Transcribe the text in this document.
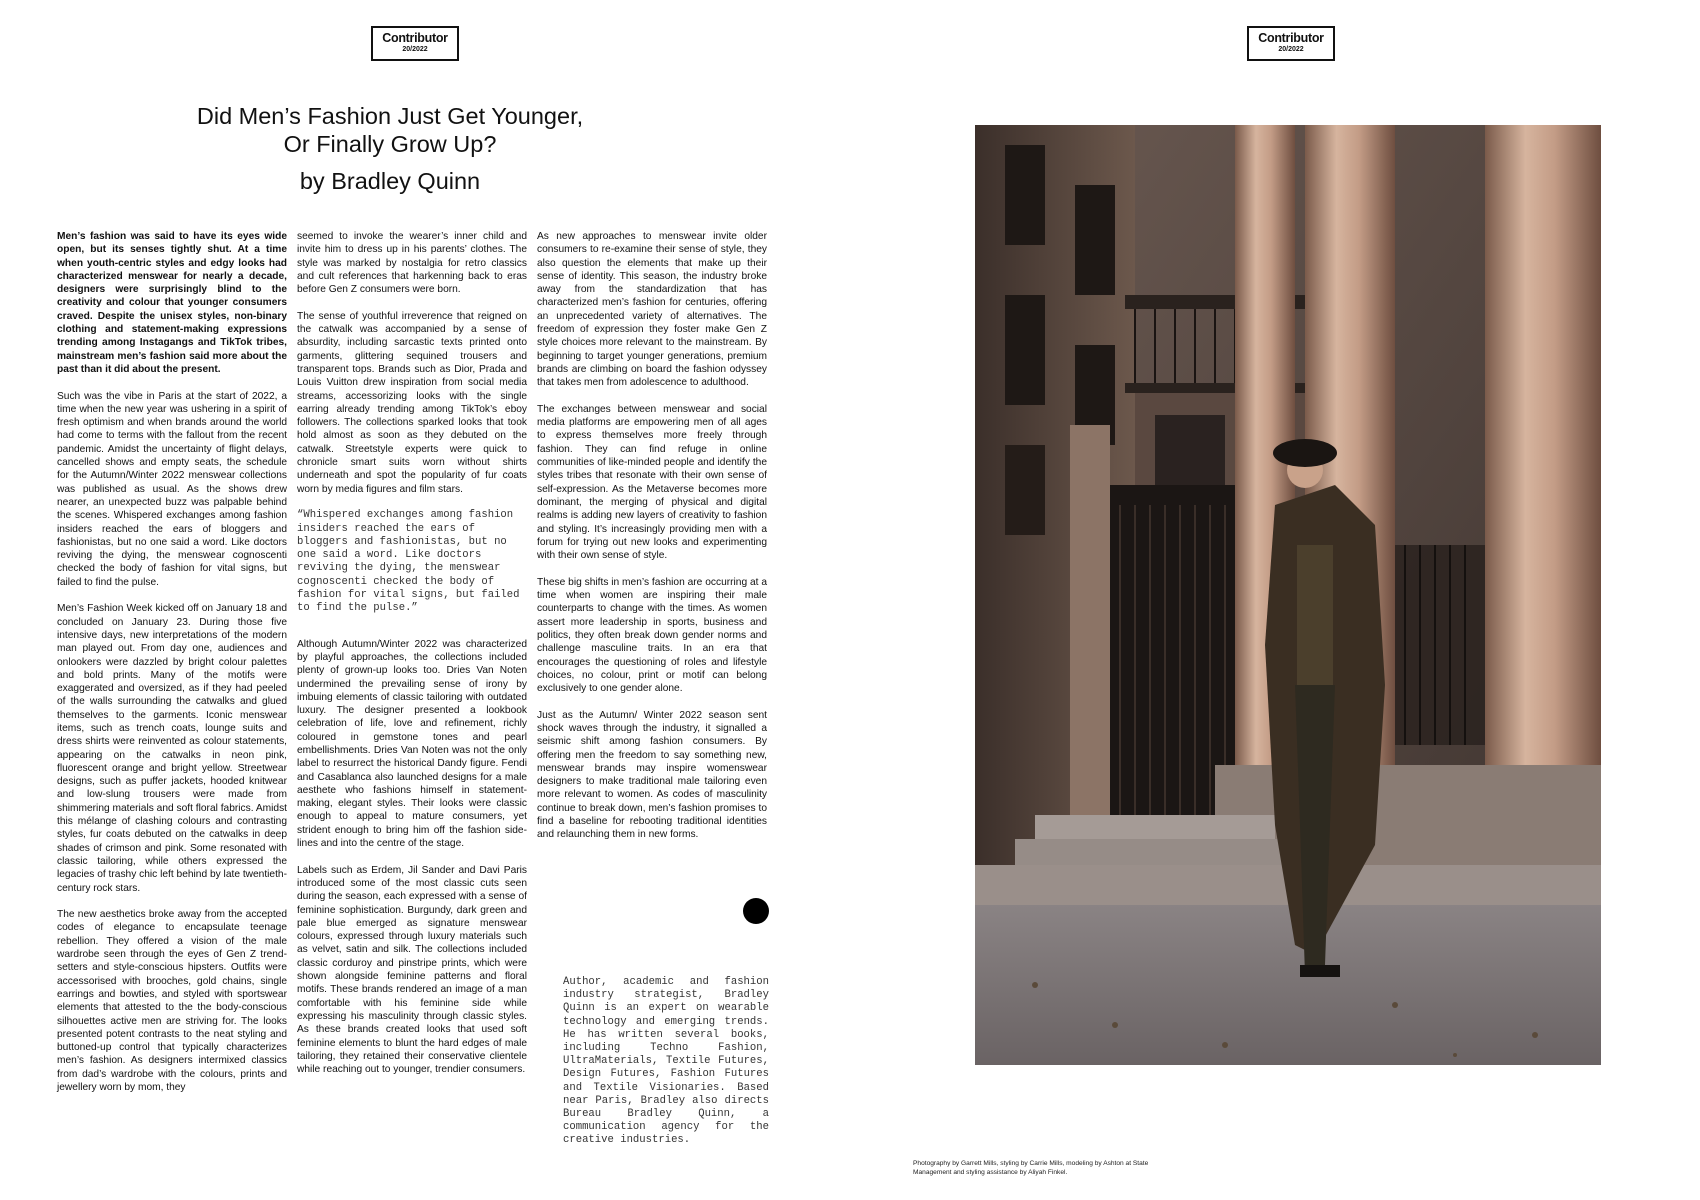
Contributor
20/2022
Contributor
20/2022
Did Men’s Fashion Just Get Younger,
Or Finally Grow Up?
by Bradley Quinn

Men’s fashion was said to have its eyes wide open, but its senses tightly shut. At a time when youth-centric styles and edgy looks had characterized menswear for nearly a decade, designers were surprisingly blind to the creativity and colour that younger consumers craved. Despite the unisex styles, non-binary clothing and statement-making expressions trending among Instagangs and TikTok tribes, mainstream men’s fashion said more about the past than it did about the present.

Such was the vibe in Paris at the start of 2022, a time when the new year was ushering in a spirit of fresh optimism and when brands around the world had come to terms with the fallout from the recent pandemic. Amidst the uncertainty of flight delays, cancelled shows and empty seats, the schedule for the Autumn/Winter 2022 menswear collections was published as usual. As the shows drew nearer, an unexpected buzz was palpable behind the scenes. Whispered exchanges among fashion insiders reached the ears of bloggers and fashionistas, but no one said a word. Like doctors reviving the dying, the menswear cognoscenti checked the body of fashion for vital signs, but failed to find the pulse.

Men’s Fashion Week kicked off on January 18 and concluded on January 23. During those five intensive days, new interpretations of the modern man played out. From day one, audiences and onlookers were dazzled by bright colour palettes and bold prints. Many of the motifs were exaggerated and oversized, as if they had peeled of the walls surrounding the catwalks and glued themselves to the garments. Iconic menswear items, such as trench coats, lounge suits and dress shirts were reinvented as colour statements, appearing on the catwalks in neon pink, fluorescent orange and bright yellow. Streetwear designs, such as puffer jackets, hooded knitwear and low-slung trousers were made from shimmering materials and soft floral fabrics. Amidst this mélange of clashing colours and contrasting styles, fur coats debuted on the catwalks in deep shades of crimson and pink. Some resonated with classic tailoring, while others expressed the legacies of trashy chic left behind by late twentieth-century rock stars.

The new aesthetics broke away from the accepted codes of elegance to encapsulate teenage rebellion. They offered a vision of the male wardrobe seen through the eyes of Gen Z trend-setters and style-conscious hipsters. Outfits were accessorised with brooches, gold chains, single earrings and bowties, and styled with sportswear elements that attested to the the body-conscious silhouettes active men are striving for. The looks presented potent contrasts to the neat styling and buttoned-up control that typically characterizes men’s fashion. As designers intermixed classics from dad’s wardrobe with the colours, prints and jewellery worn by mom, they

seemed to invoke the wearer’s inner child and invite him to dress up in his parents’ clothes. The style was marked by nostalgia for retro classics and cult references that harkenning back to eras before Gen Z consumers were born.

The sense of youthful irreverence that reigned on the catwalk was accompanied by a sense of absurdity, including sarcastic texts printed onto garments, glittering sequined trousers and transparent tops. Brands such as Dior, Prada and Louis Vuitton drew inspiration from social media streams, accessorizing looks with the single earring already trending among TikTok’s eboy followers. The collections sparked looks that took hold almost as soon as they debuted on the catwalk. Streetstyle experts were quick to chronicle smart suits worn without shirts underneath and spot the popularity of fur coats worn by media figures and film stars.

“Whispered exchanges among fashion insiders reached the ears of bloggers and fashionistas, but no one said a word. Like doctors reviving the dying, the menswear cognoscenti checked the body of fashion for vital signs, but failed to find the pulse.”

Although Autumn/Winter 2022 was characterized by playful approaches, the collections included plenty of grown-up looks too. Dries Van Noten undermined the prevailing sense of irony by imbuing elements of classic tailoring with outdated luxury. The designer presented a lookbook celebration of life, love and refinement, richly coloured in gemstone tones and pearl embellishments. Dries Van Noten was not the only label to resurrect the historical Dandy figure. Fendi and Casablanca also launched designs for a male aesthete who fashions himself in statement-making, elegant styles. Their looks were classic enough to appeal to mature consumers, yet strident enough to bring him off the fashion side-lines and into the centre of the stage.

Labels such as Erdem, Jil Sander and Davi Paris introduced some of the most classic cuts seen during the season, each expressed with a sense of feminine sophistication. Burgundy, dark green and pale blue emerged as signature menswear colours, expressed through luxury materials such as velvet, satin and silk. The collections included classic corduroy and pinstripe prints, which were shown alongside feminine patterns and floral motifs. These brands rendered an image of a man comfortable with his feminine side while expressing his masculinity through classic styles. As these brands created looks that used soft feminine elements to blunt the hard edges of male tailoring, they retained their conservative clientele while reaching out to younger, trendier consumers.

As new approaches to menswear invite older consumers to re-examine their sense of style, they also question the elements that make up their sense of identity. This season, the industry broke away from the standardization that has characterized men’s fashion for centuries, offering an unprecedented variety of alternatives. The freedom of expression they foster make Gen Z style choices more relevant to the mainstream. By beginning to target younger generations, premium brands are climbing on board the fashion odyssey that takes men from adolescence to adulthood.

The exchanges between menswear and social media platforms are empowering men of all ages to express themselves more freely through fashion. They can find refuge in online communities of like-minded people and identify the styles tribes that resonate with their own sense of self-expression. As the Metaverse becomes more dominant, the merging of physical and digital realms is adding new layers of creativity to fashion and styling. It’s increasingly providing men with a forum for trying out new looks and experimenting with their own sense of style.

These big shifts in men’s fashion are occurring at a time when women are inspiring their male counterparts to change with the times. As women assert more leadership in sports, business and politics, they often break down gender norms and challenge masculine traits. In an era that encourages the questioning of roles and lifestyle choices, no colour, print or motif can belong exclusively to one gender alone.

Just as the Autumn/ Winter 2022 season sent shock waves through the industry, it signalled a seismic shift among fashion consumers. By offering men the freedom to say something new, menswear brands may inspire womenswear designers to make traditional male tailoring even more relevant to women. As codes of masculinity continue to break down, men’s fashion promises to find a baseline for rebooting traditional identities and relaunching them in new forms.

Author, academic and fashion industry strategist, Bradley Quinn is an expert on wearable technology and emerging trends. He has written several books, including Techno Fashion, UltraMaterials, Textile Futures, Design Futures, Fashion Futures and Textile Visionaries. Based near Paris, Bradley also directs Bureau Bradley Quinn, a communication agency for the creative industries.
Photography by Garrett Mills, styling by Carrie Mills, modeling by Ashton at State Management and styling assistance by Aliyah Finkel.
